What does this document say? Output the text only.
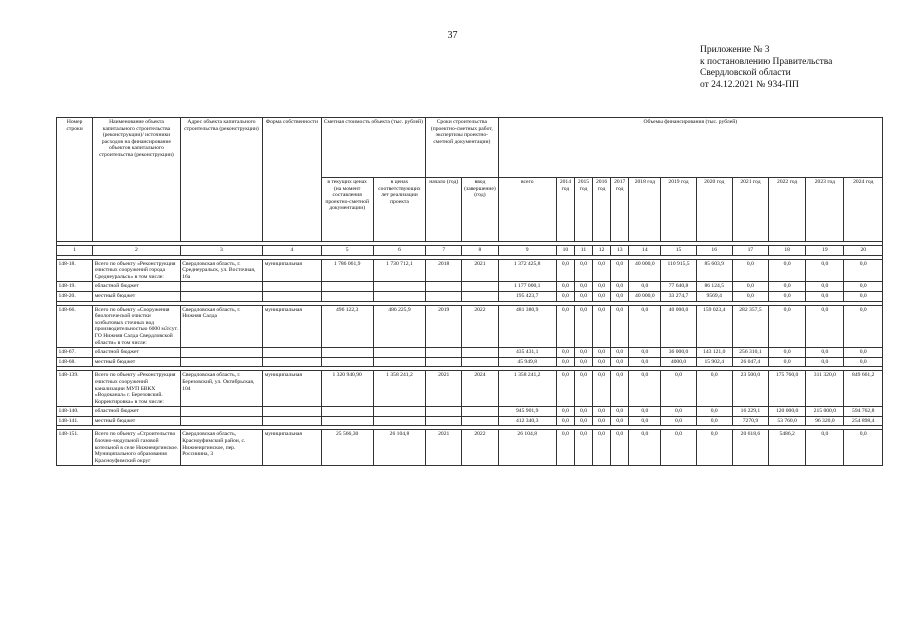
37
Приложение № 3
к постановлению Правительства
Свердловской области
от 24.12.2021 № 934-ПП
Номер строки	Наименование объекта капитального строительства (реконструкции)/ источники расходов на финансирование объектов капитального строительства (реконструкции)	Адрес объекта капитального строительства (реконструкции)	Форма собственности	Сметная стоимость объекта (тыс. рублей)		Сроки строительства (проектно-сметных работ, экспертизы проектно-сметной документации)		Объемы финансирования (тыс. рублей)											
				в текущих ценах (на момент составления проектно-сметной документации)	в ценах соответствующих лет реализации проекта	начало (год)	ввод (завершение) (год)	всего	2014 год	2015 год	2016 год	2017 год	2018 год	2019 год	2020 год	2021 год	2022 год	2023 год	2024 год

1	2	3	4	5	6	7	8	9	10	11	12	13	14	15	16	17	18	19	20

148-18.	Всего по объекту «Реконструкция очистных сооружений города Среднеуральск» в том числе:	Свердловская область, г. Среднеуральск, ул. Восточная, 16а	муниципальная	1 786 061,9	1 730 712,1	2018	2021	1 372 425,8	0,0	0,0	0,0	0,0	40 000,0	110 915,5	85 603,9	0,0	0,0	0,0	0,0
148-19.	областной бюджет							1 177 000,1	0,0	0,0	0,0	0,0	0,0	77 640,8	86 124,5	0,0	0,0	0,0	0,0
148-20.	местный бюджет							195 423,7	0,0	0,0	0,0	0,0	40 000,0	33 274,7	9569,4	0,0	0,0	0,0	0,0

148-66.	Всего по объекту «Сооружения биологической очистки хозбытовых сточных вод производительностью 6000 м3/сут. ГО Нижняя Салда Свердловской области» в том числе:	Свердловская область, г. Нижняя Салда	муниципальная	496 122,3	486 225,9	2019	2022	481 380,9	0,0	0,0	0,0	0,0	0,0	40 000,0	159 023,4	282 357,5	0,0	0,0	0,0
148-67.	областной бюджет							435 431,1	0,0	0,0	0,0	0,0	0,0	36 000,0	143 121,0	256 310,1	0,0	0,0	0,0
148-68.	местный бюджет							45 949,8	0,0	0,0	0,0	0,0	0,0	4000,0	15 902,4	26 047,4	0,0	0,0	0,0

148-139.	Всего по объекту «Реконструкция очистных сооружений канализации МУП БВКХ «Водоканал» г. Березовский. Корректировка» в том числе:	Свердловская область, г. Березовский, ул. Октябрьская, 104	муниципальная	1 320 940,90	1 358 241,2	2021	2024	1 358 241,2	0,0	0,0	0,0	0,0	0,0	0,0	0,0	23 500,0	175 760,0	311 320,0	849 661,2
148-140.	областной бюджет							945 901,9	0,0	0,0	0,0	0,0	0,0	0,0	0,0	16 229,1	120 000,0	215 000,0	594 762,8
148-141.	местный бюджет							412 340,3	0,0	0,0	0,0	0,0	0,0	0,0	0,0	7270,9	53 760,0	96 320,0	254 898,4

148-151.	Всего по объекту «Строительство блочно-модульной газовой котельной в селе Нижнеиргинское. Муниципального образования Красноуфимский округ	Свердловская область, Красноуфимский район, с. Нижнеиргинское, пер. Россииина, 3	муниципальная	25 566,30	26 104,8	2021	2022	26 104,8	0,0	0,0	0,0	0,0	0,0	0,0	0,0	20 618,6	5486,2	0,0	0,0
